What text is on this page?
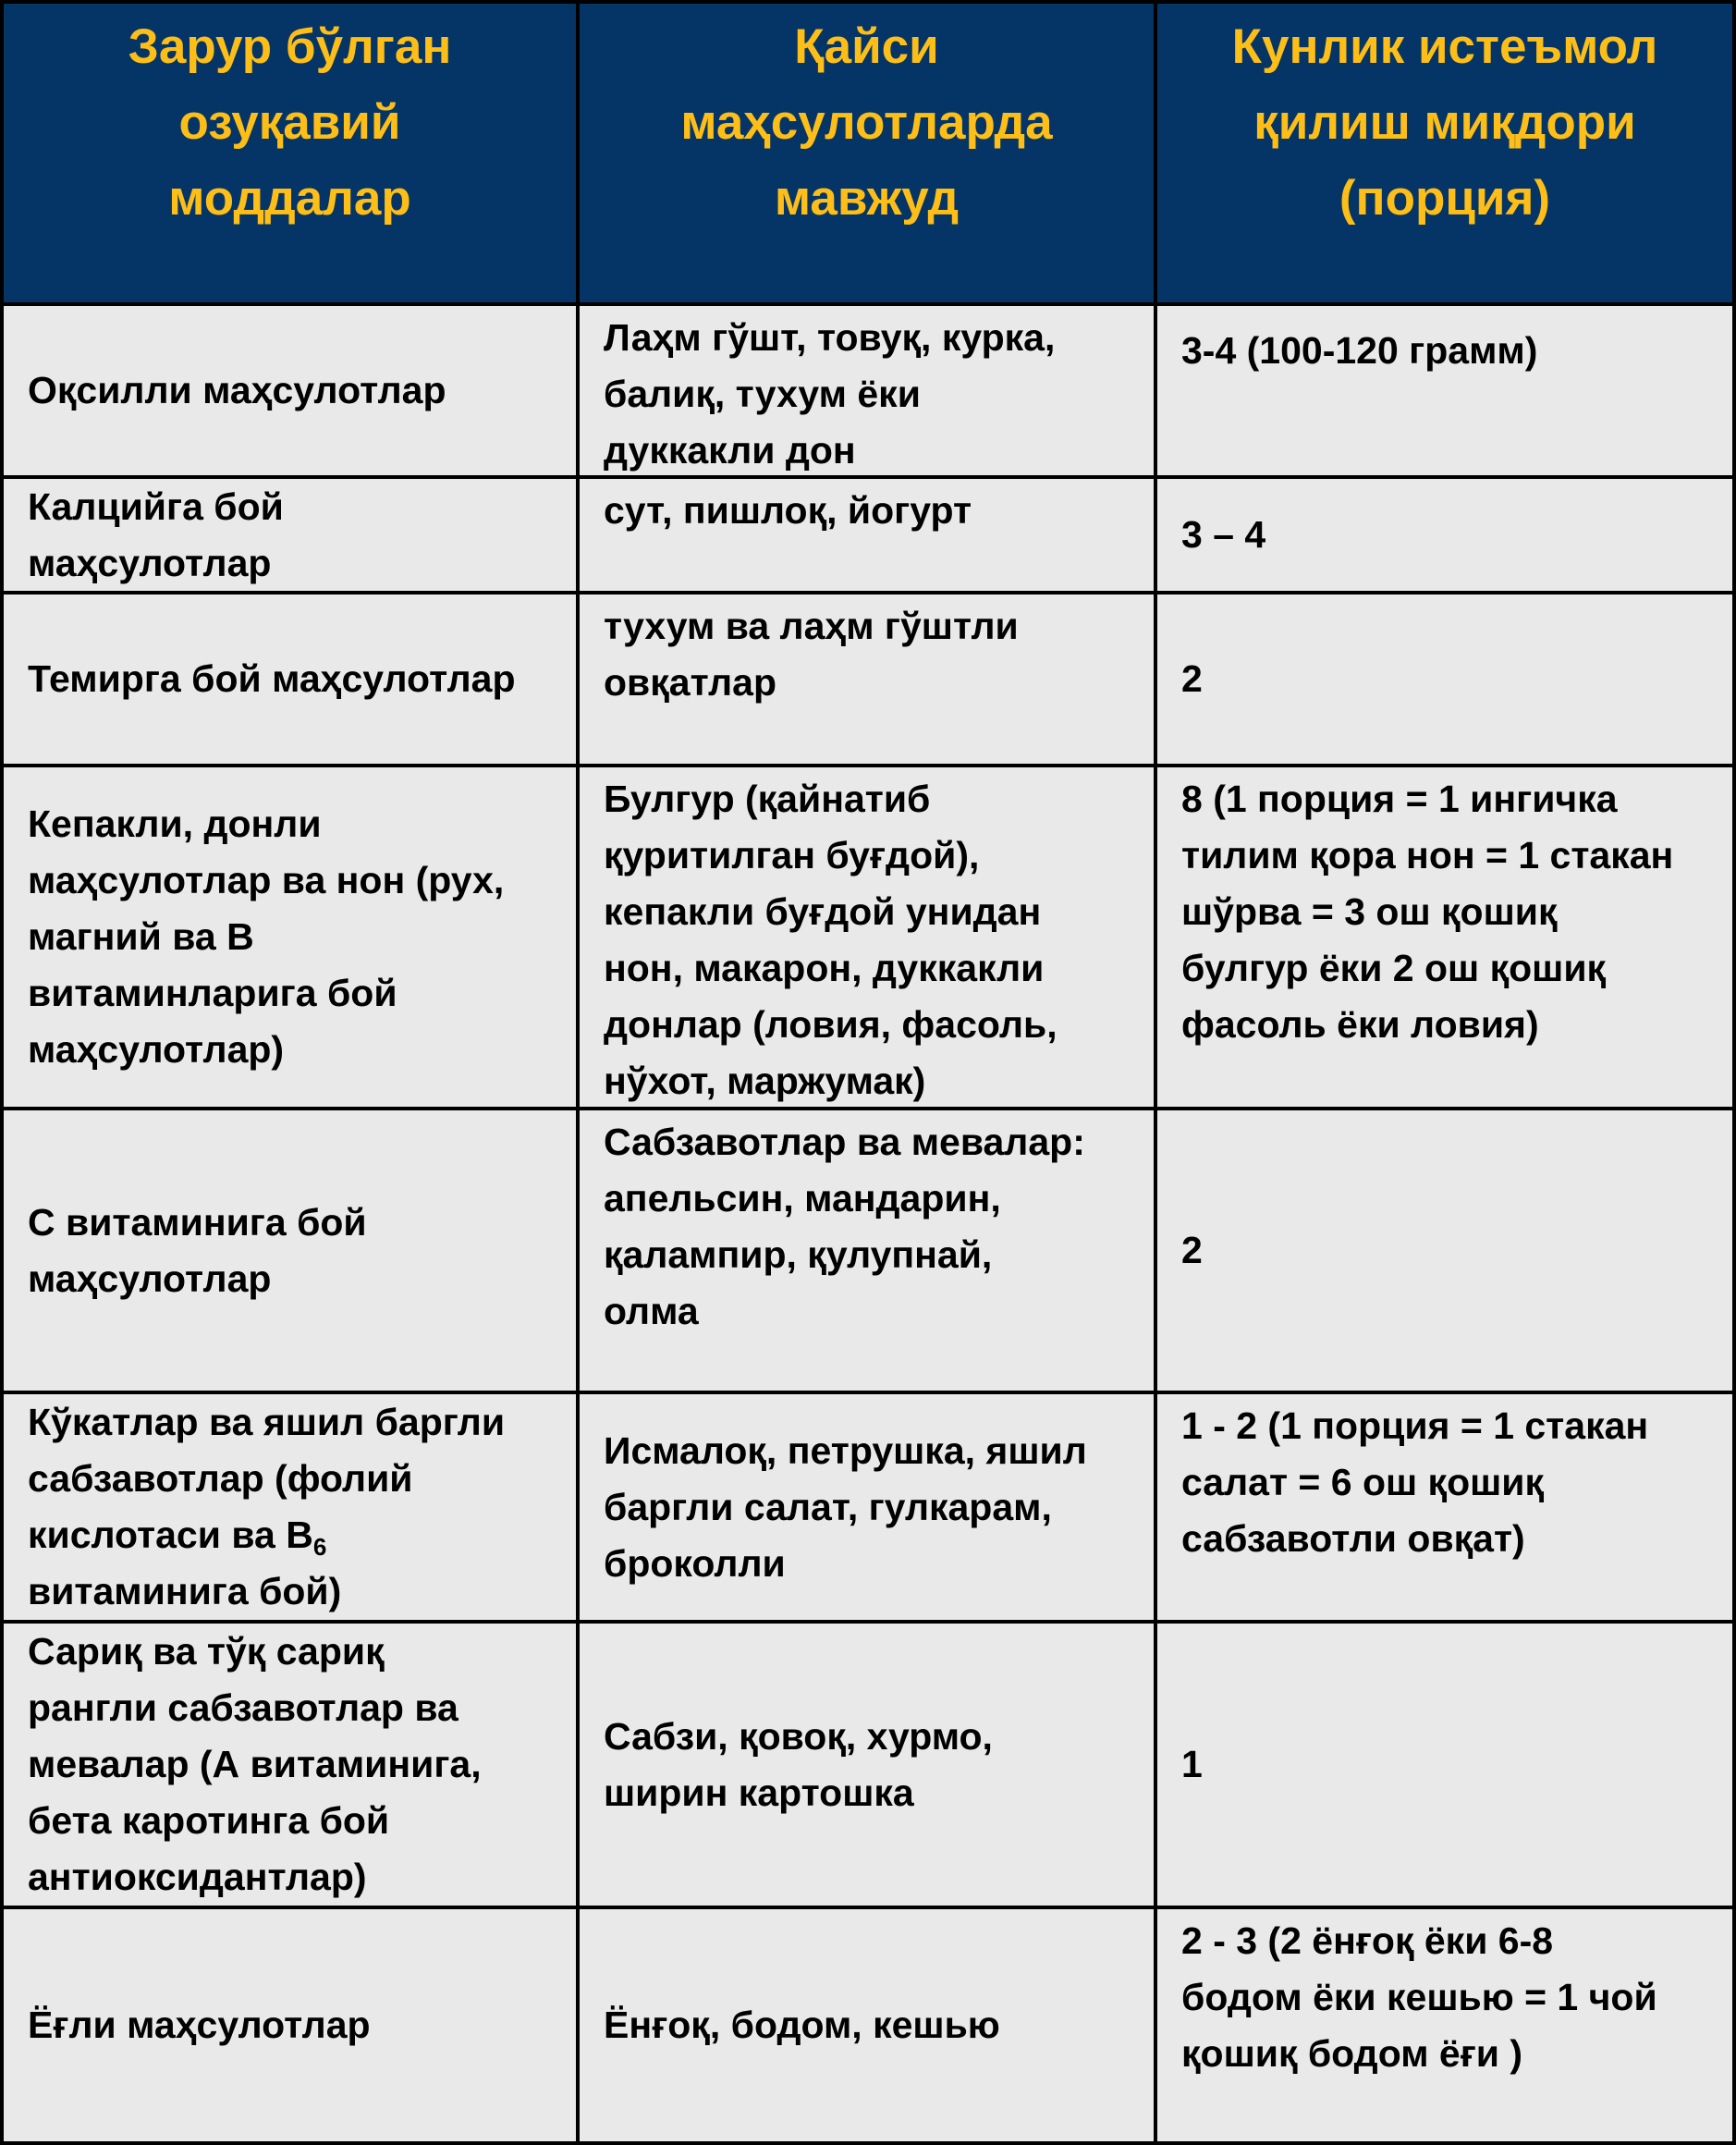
Зарур бўлган
озуқавий
моддалар
Қайси
маҳсулотларда
мавжуд
Кунлик истеъмол
қилиш миқдори
(порция)
Оқсилли маҳсулотлар
Лаҳм гўшт, товуқ, курка,
балиқ, тухум ёки
дуккакли дон
3-4 (100-120 грамм)
Калцийга бой
маҳсулотлар
сут, пишлоқ, йогурт
3 – 4
Темирга бой маҳсулотлар
тухум ва лаҳм гўштли
овқатлар	2
Кепакли, донли
маҳсулотлар ва нон (рух,
магний ва В
витаминларига бой
маҳсулотлар)
Булгур (қайнатиб
қуритилган буғдой),
кепакли буғдой унидан
нон, макарон, дуккакли
донлар (ловия, фасоль,
нўхот, маржумак)
8 (1 порция = 1 ингичка
тилим қора нон = 1 стакан
шўрва = 3 ош қошиқ
булгур ёки 2 ош қошиқ
фасоль ёки ловия)
С витаминига бой
маҳсулотлар
Сабзавотлар ва мевалар:
апельсин, мандарин,
қалампир, қулупнай,
олма
2
Кўкатлар ва яшил баргли
сабзавотлар (фолий
кислотаси ва $В_6$
витаминига бой)
Исмалоқ, петрушка, яшил
баргли салат, гулкарам,
броколли
1 - 2 (1 порция = 1 стакан
салат = 6 ош қошиқ
сабзавотли овқат)
Сариқ ва тўқ сариқ
рангли сабзавотлар ва
мевалар (А витаминига,
бета каротинга бой
антиоксидантлар)
Сабзи, қовоқ, хурмо,
ширин картошка
1
Ёғли маҳсулотлар	Ёнғоқ, бодом, кешью
2 - 3 (2 ёнғоқ ёки 6-8
бодом ёки кешью = 1 чой
қошиқ бодом ёғи )
